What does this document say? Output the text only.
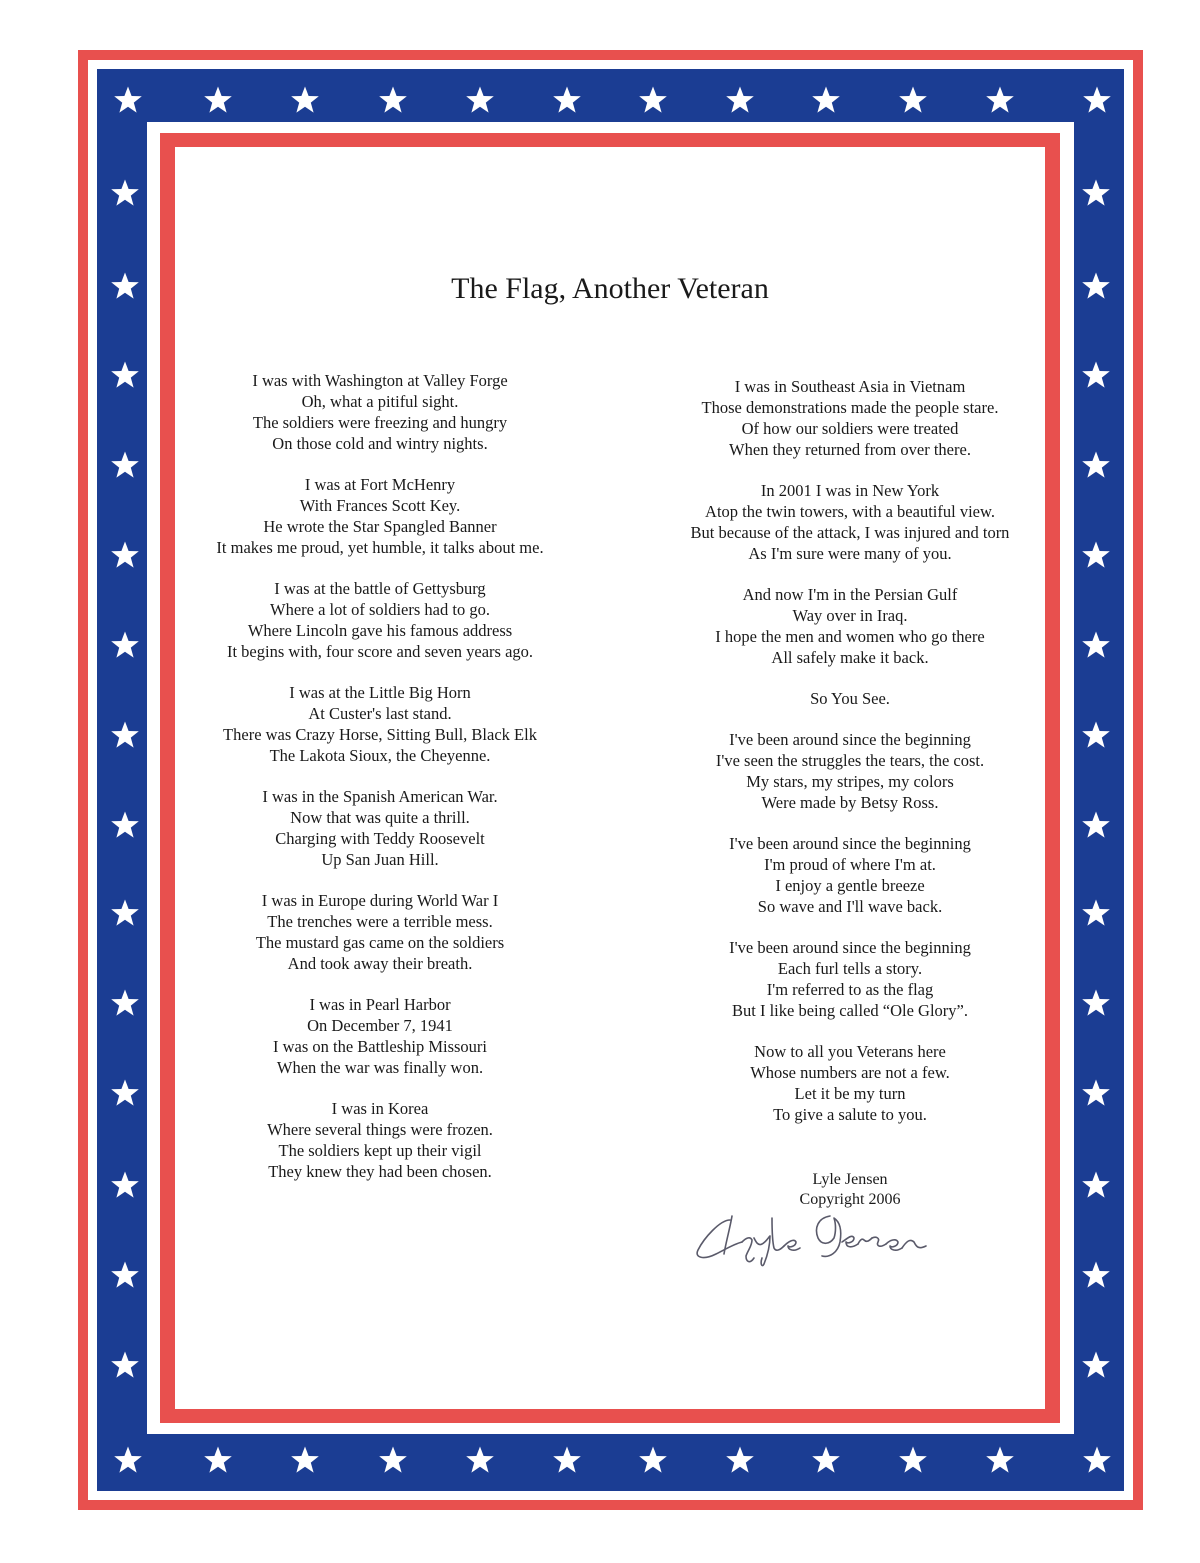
The Flag, Another Veteran
I was with Washington at Valley Forge
Oh, what a pitiful sight.
The soldiers were freezing and hungry
On those cold and wintry nights.
I was at Fort McHenry
With Frances Scott Key.
He wrote the Star Spangled Banner
It makes me proud, yet humble, it talks about me.
I was at the battle of Gettysburg
Where a lot of soldiers had to go.
Where Lincoln gave his famous address
It begins with, four score and seven years ago.
I was at the Little Big Horn
At Custer's last stand.
There was Crazy Horse, Sitting Bull, Black Elk
The Lakota Sioux, the Cheyenne.
I was in the Spanish American War.
Now that was quite a thrill.
Charging with Teddy Roosevelt
Up San Juan Hill.
I was in Europe during World War I
The trenches were a terrible mess.
The mustard gas came on the soldiers
And took away their breath.
I was in Pearl Harbor
On December 7, 1941
I was on the Battleship Missouri
When the war was finally won.
I was in Korea
Where several things were frozen.
The soldiers kept up their vigil
They knew they had been chosen.
I was in Southeast Asia in Vietnam
Those demonstrations made the people stare.
Of how our soldiers were treated
When they returned from over there.
In 2001 I was in New York
Atop the twin towers, with a beautiful view.
But because of the attack, I was injured and torn
As I'm sure were many of you.
And now I'm in the Persian Gulf
Way over in Iraq.
I hope the men and women who go there
All safely make it back.
So You See.
I've been around since the beginning
I've seen the struggles the tears, the cost.
My stars, my stripes, my colors
Were made by Betsy Ross.
I've been around since the beginning
I'm proud of where I'm at.
I enjoy a gentle breeze
So wave and I'll wave back.
I've been around since the beginning
Each furl tells a story.
I'm referred to as the flag
But I like being called “Ole Glory”.
Now to all you Veterans here
Whose numbers are not a few.
Let it be my turn
To give a salute to you.
Lyle Jensen
Copyright 2006
